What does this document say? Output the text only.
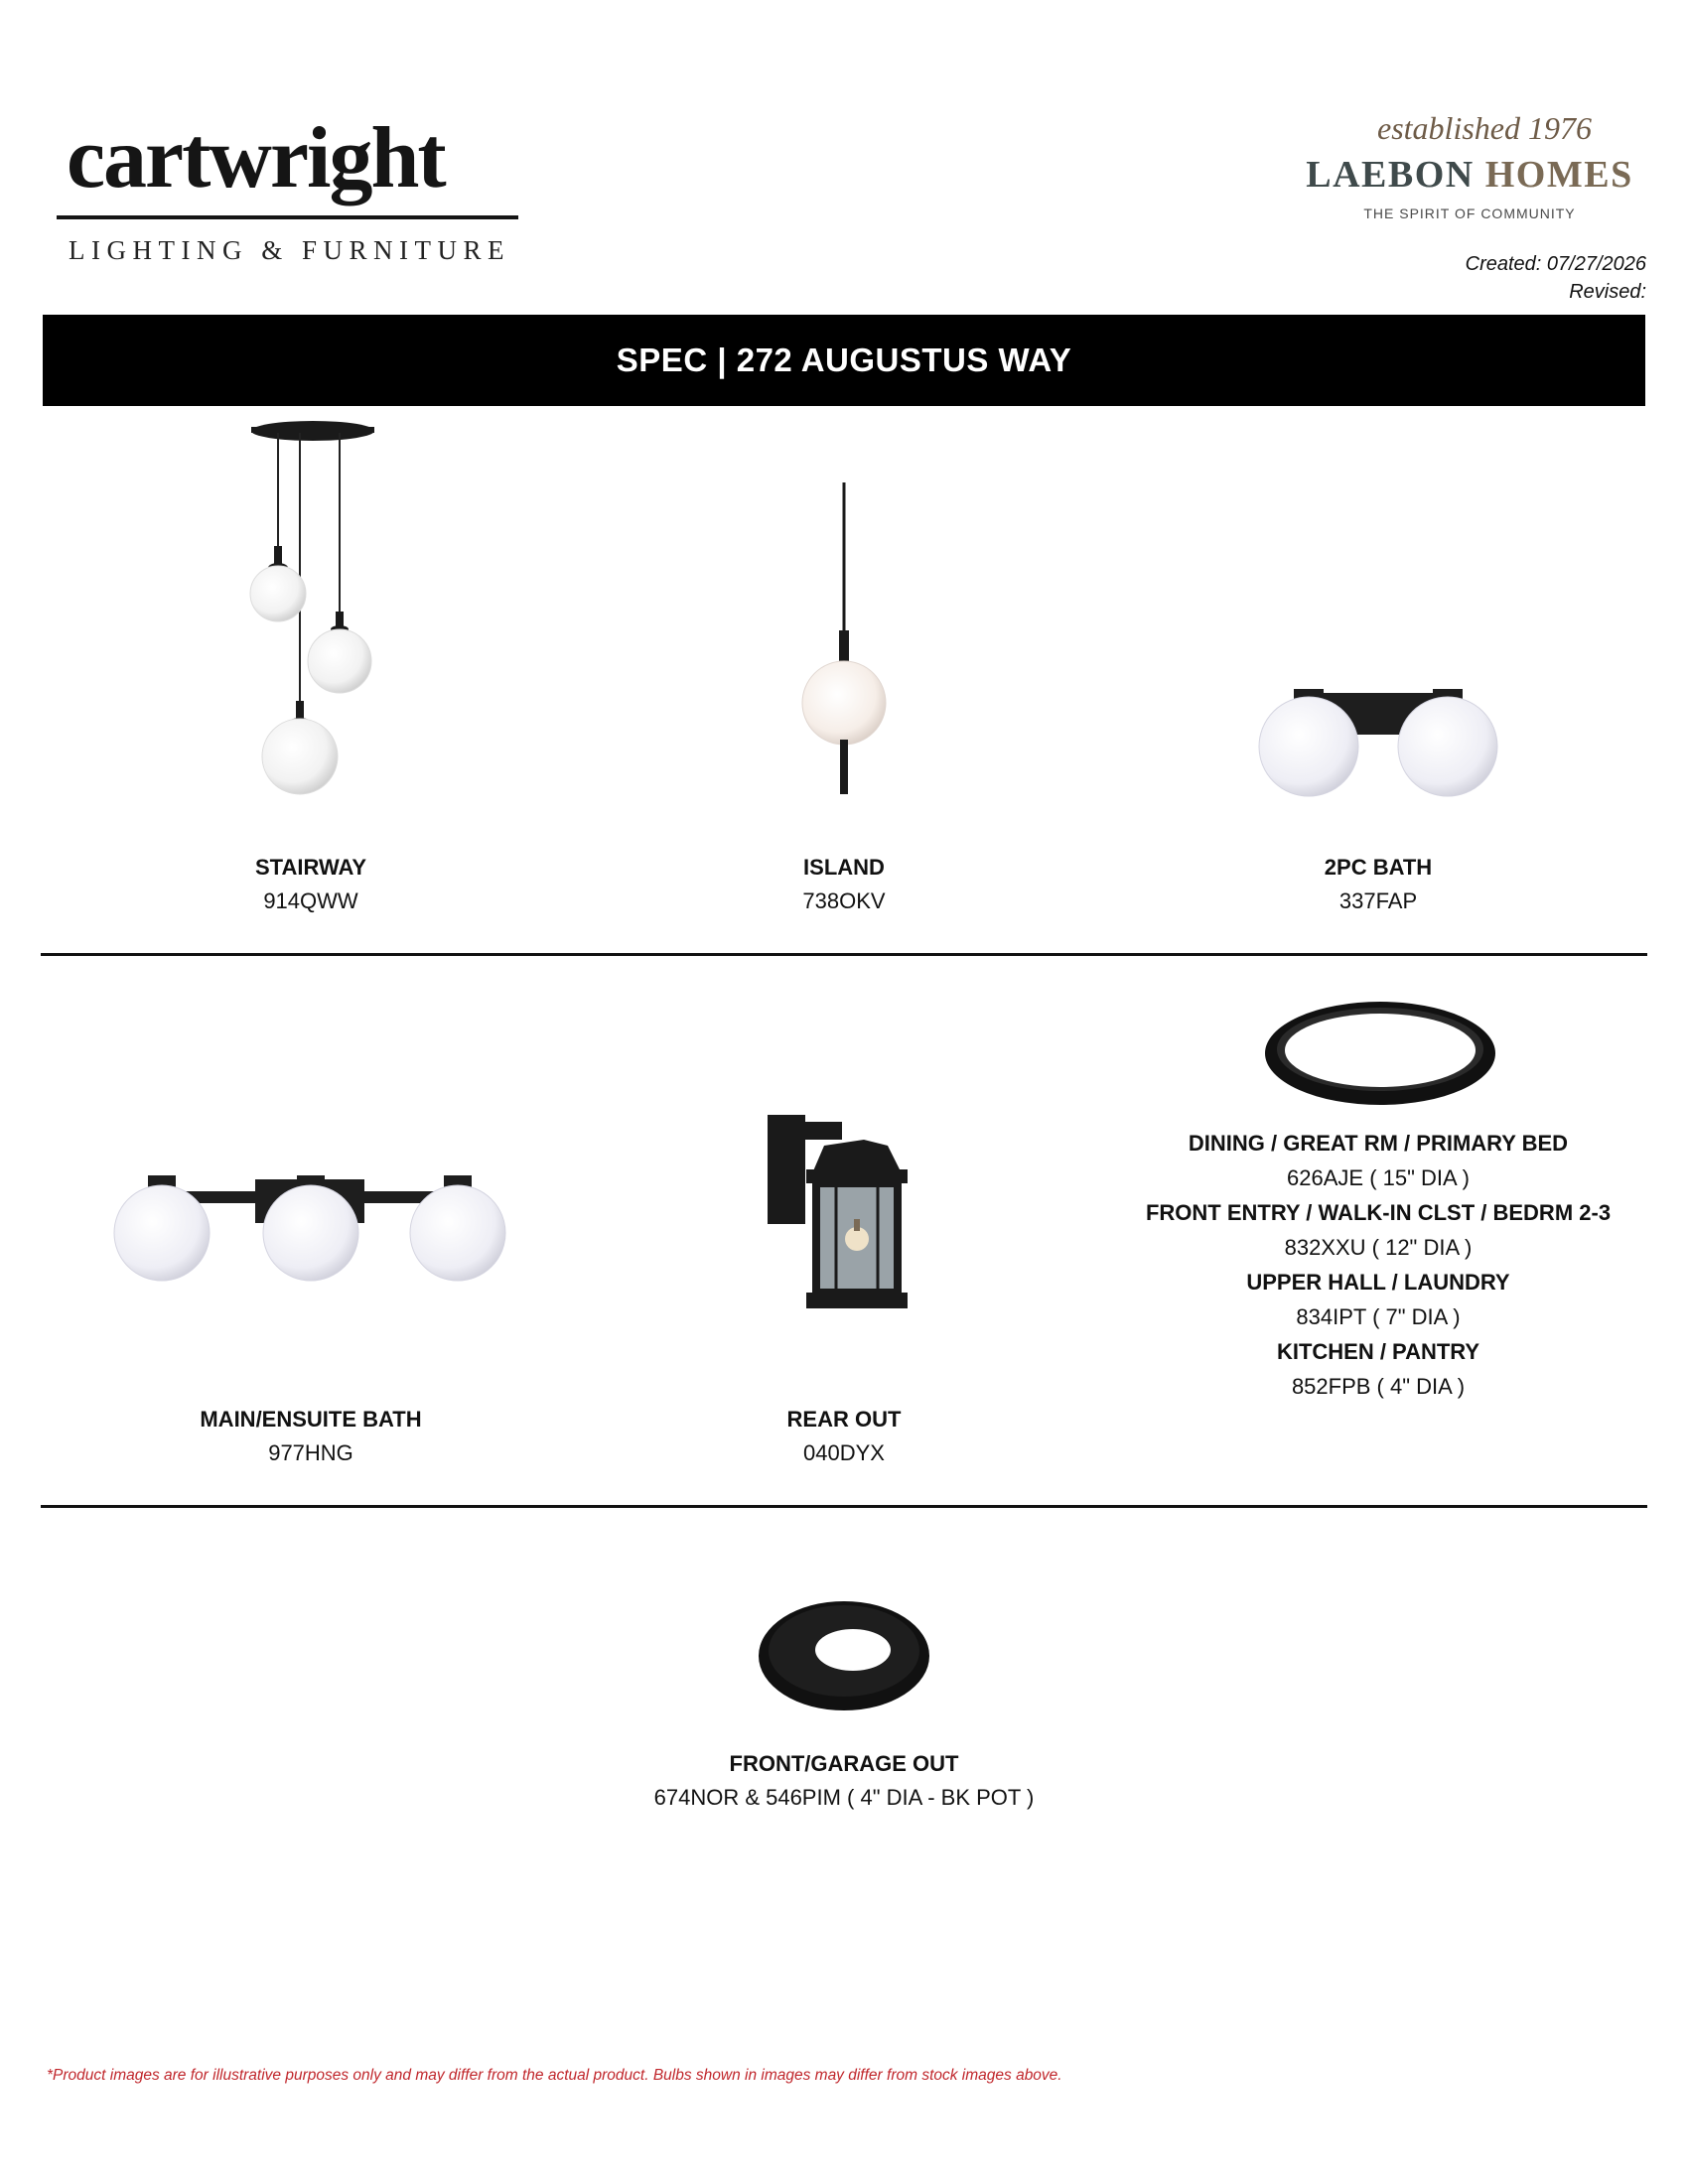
cartwright
LIGHTING & FURNITURE
established 1976
LAEBON HOMES
THE SPIRIT OF COMMUNITY
Created: 07/27/2026
Revised:
SPEC | 272 AUGUSTUS WAY
STAIRWAY
914QWW
ISLAND
738OKV
2PC BATH
337FAP
MAIN/ENSUITE BATH
977HNG
REAR OUT
040DYX
DINING / GREAT RM / PRIMARY BED
626AJE ( 15" DIA )
FRONT ENTRY / WALK-IN CLST / BEDRM 2-3
832XXU ( 12" DIA )
UPPER HALL / LAUNDRY
834IPT ( 7" DIA )
KITCHEN / PANTRY
852FPB ( 4" DIA )
FRONT/GARAGE OUT
674NOR & 546PIM ( 4" DIA - BK POT )
*Product images are for illustrative purposes only and may differ from the actual product. Bulbs shown in images may differ from stock images above.
